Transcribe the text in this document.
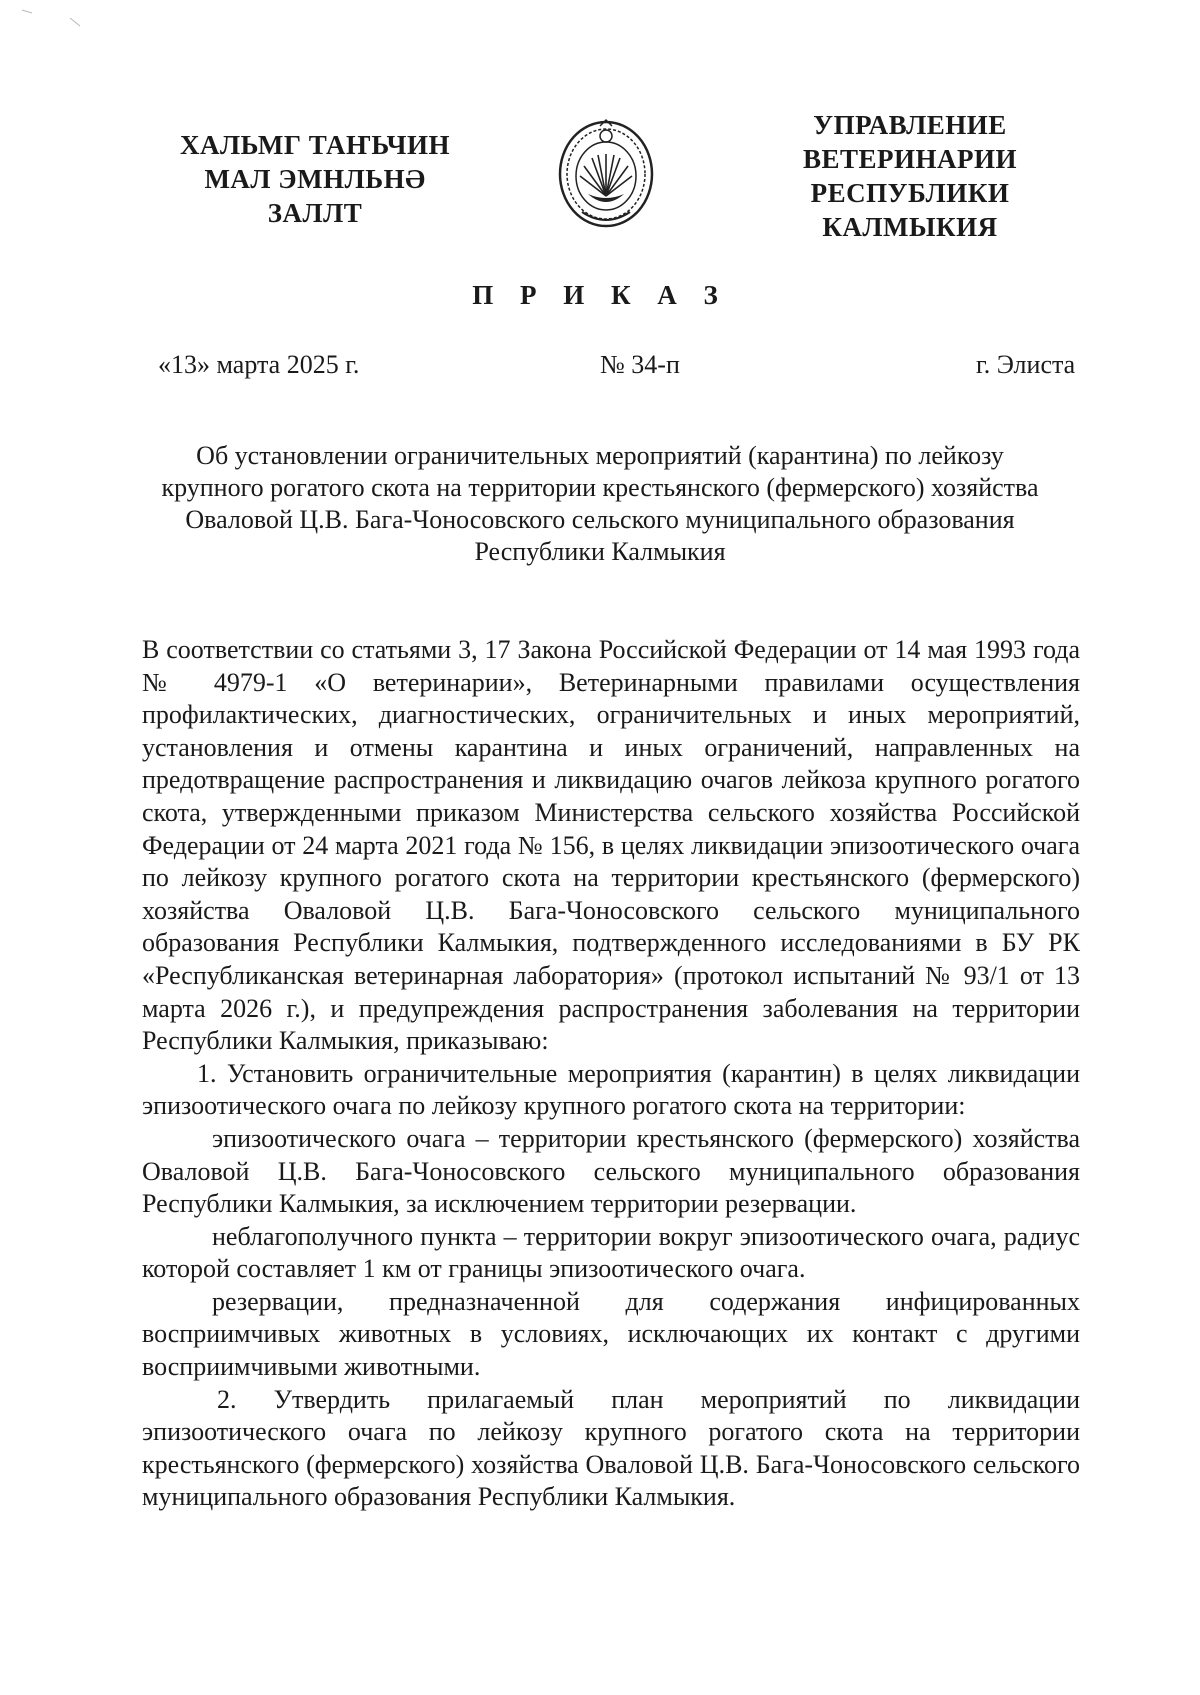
ХАЛЬМГ ТАҤЬЧИН
МАЛ ЭМНЛЬНӘ
ЗАЛЛТ
УПРАВЛЕНИЕ
ВЕТЕРИНАРИИ
РЕСПУБЛИКИ
КАЛМЫКИЯ
П Р И К А З
«13» марта 2025 г.	№ 34-п	г. Элиста
Об установлении ограничительных мероприятий (карантина) по лейкозу
крупного рогатого скота на территории крестьянского (фермерского) хозяйства
Оваловой Ц.В. Бага-Чоносовского сельского муниципального образования
Республики Калмыкия

В соответствии со статьями 3, 17 Закона Российской Федерации от 14 мая 1993 года № 4979-1 «О ветеринарии», Ветеринарными правилами осуществления профилактических, диагностических, ограничительных и иных мероприятий, установления и отмены карантина и иных ограничений, направленных на предотвращение распространения и ликвидацию очагов лейкоза крупного рогатого скота, утвержденными приказом Министерства сельского хозяйства Российской Федерации от 24 марта 2021 года № 156, в целях ликвидации эпизоотического очага по лейкозу крупного рогатого скота на территории крестьянского (фермерского) хозяйства Оваловой Ц.В. Бага-Чоносовского сельского муниципального образования Республики Калмыкия, подтвержденного исследованиями в БУ РК «Республиканская ветеринарная лаборатория» (протокол испытаний № 93/1 от 13 марта 2026 г.), и предупреждения распространения заболевания на территории Республики Калмыкия, приказываю:

1. Установить ограничительные мероприятия (карантин) в целях ликвидации эпизоотического очага по лейкозу крупного рогатого скота на территории:

эпизоотического очага – территории крестьянского (фермерского) хозяйства Оваловой Ц.В. Бага-Чоносовского сельского муниципального образования Республики Калмыкия, за исключением территории резервации.

неблагополучного пункта – территории вокруг эпизоотического очага, радиус которой составляет 1 км от границы эпизоотического очага.

резервации, предназначенной для содержания инфицированных восприимчивых животных в условиях, исключающих их контакт с другими восприимчивыми животными.

2. Утвердить прилагаемый план мероприятий по ликвидации эпизоотического очага по лейкозу крупного рогатого скота на территории крестьянского (фермерского) хозяйства Оваловой Ц.В. Бага-Чоносовского сельского муниципального образования Республики Калмыкия.
